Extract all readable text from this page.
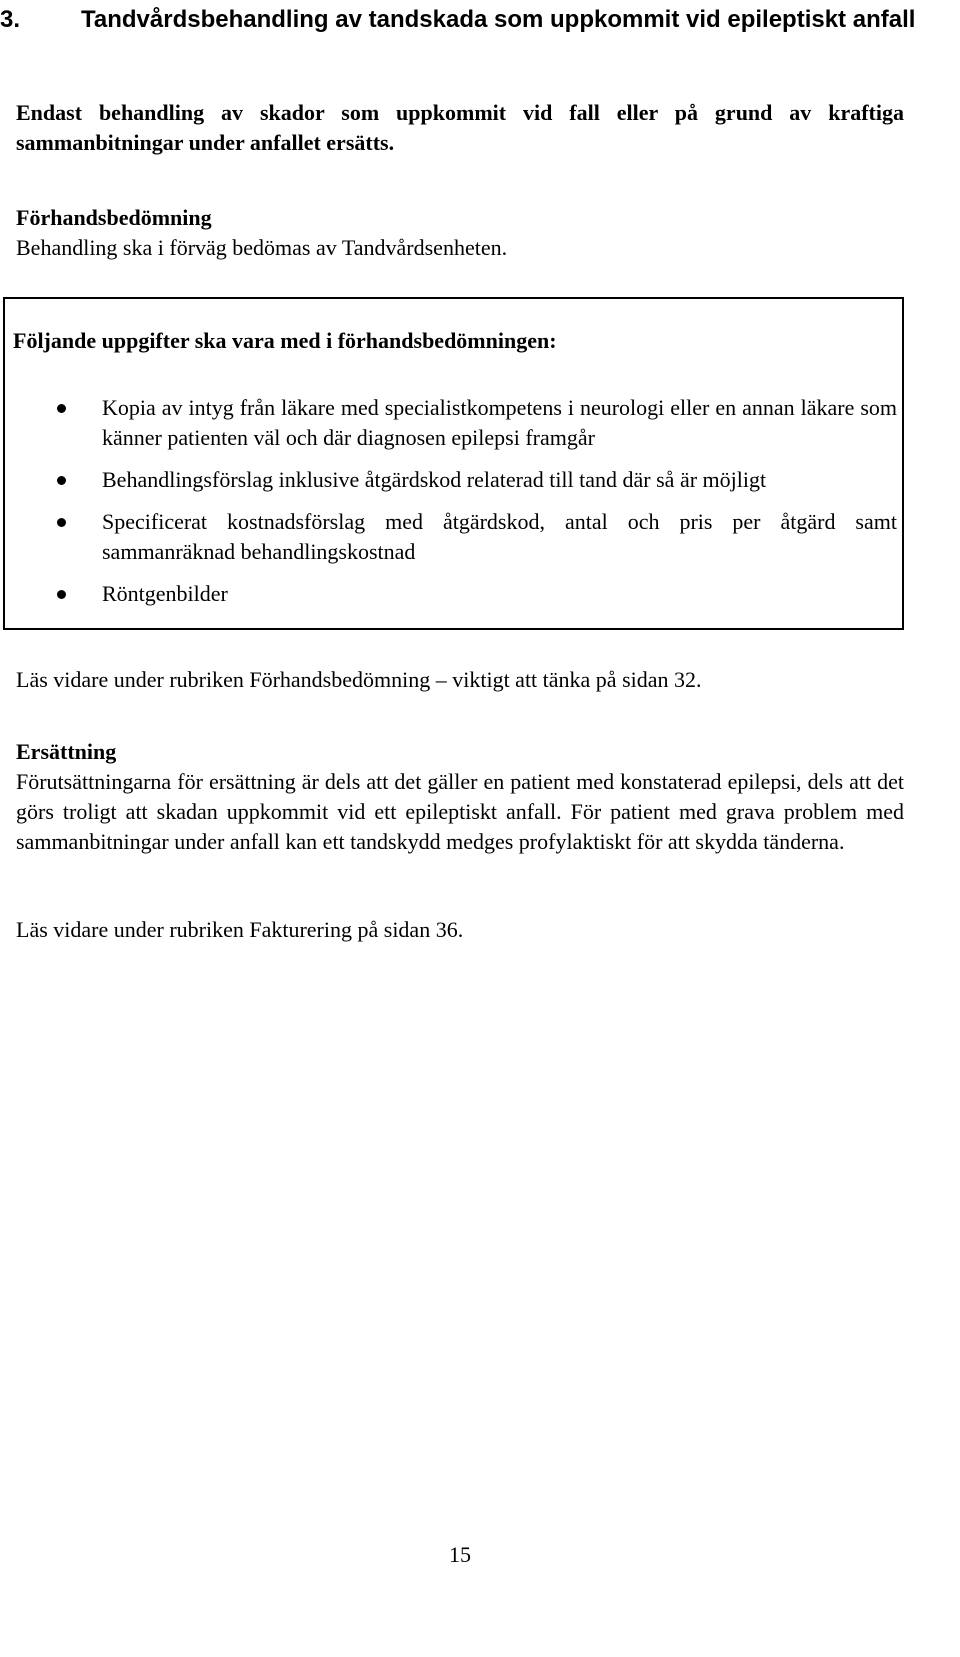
3.	Tandvårdsbehandling av tandskada som uppkommit vid epileptiskt anfall

Endast behandling av skador som uppkommit vid fall eller på grund av kraftiga sammanbitningar under anfallet ersätts.

Förhandsbedömning

Behandling ska i förväg bedömas av Tandvårdsenheten.

Följande uppgifter ska vara med i förhandsbedömningen:

Kopia av intyg från läkare med specialistkompetens i neurologi eller en annan läkare som känner patienten väl och där diagnosen epilepsi framgår
Behandlingsförslag inklusive åtgärdskod relaterad till tand där så är möjligt
Specificerat kostnadsförslag med åtgärdskod, antal och pris per åtgärd samt sammanräknad behandlingskostnad
Röntgenbilder

Läs vidare under rubriken Förhandsbedömning – viktigt att tänka på sidan 32.

Ersättning

Förutsättningarna för ersättning är dels att det gäller en patient med konstaterad epilepsi, dels att det görs troligt att skadan uppkommit vid ett epileptiskt anfall. För patient med grava problem med sammanbitningar under anfall kan ett tandskydd medges profylaktiskt för att skydda tänderna.

Läs vidare under rubriken Fakturering på sidan 36.

15
